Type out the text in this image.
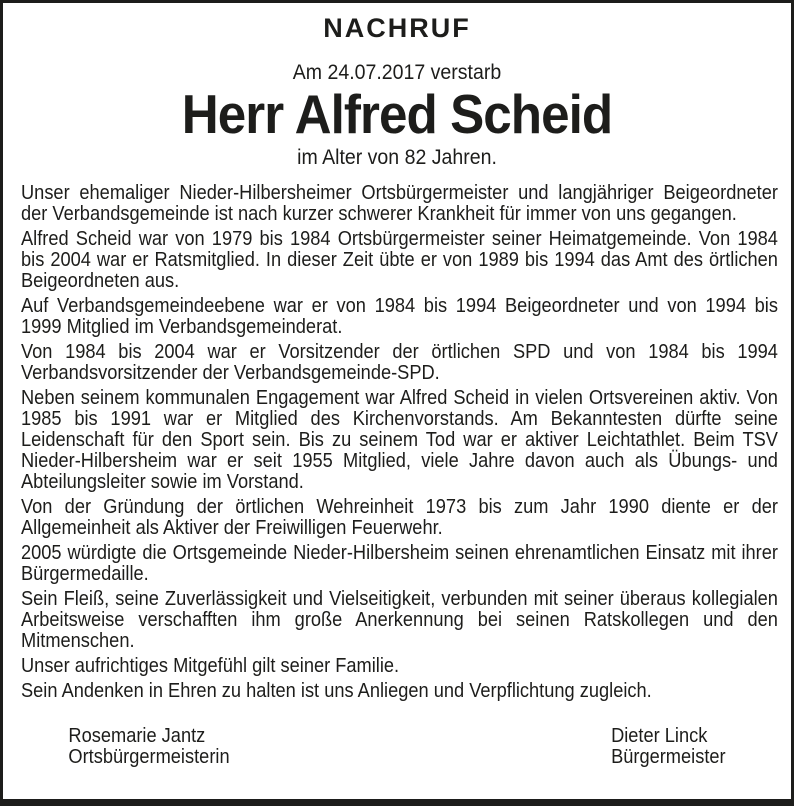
NACHRUF
Am 24.07.2017 verstarb
Herr Alfred Scheid
im Alter von 82 Jahren.

Unser ehemaliger Nieder-Hilbersheimer Ortsbürgermeister und langjähriger Beigeordneter der Verbandsgemeinde ist nach kurzer schwerer Krankheit für immer von uns gegangen.

Alfred Scheid war von 1979 bis 1984 Ortsbürgermeister seiner Heimatgemeinde. Von 1984 bis 2004 war er Ratsmitglied. In dieser Zeit übte er von 1989 bis 1994 das Amt des örtlichen Beigeordneten aus.

Auf Verbandsgemeindeebene war er von 1984 bis 1994 Beigeordneter und von 1994 bis 1999 Mitglied im Verbandsgemeinderat.

Von 1984 bis 2004 war er Vorsitzender der örtlichen SPD und von 1984 bis 1994 Verbandsvorsitzender der Verbandsgemeinde-SPD.

Neben seinem kommunalen Engagement war Alfred Scheid in vielen Ortsvereinen aktiv. Von 1985 bis 1991 war er Mitglied des Kirchenvorstands. Am Bekanntesten dürfte seine Leidenschaft für den Sport sein. Bis zu seinem Tod war er aktiver Leichtathlet. Beim TSV Nieder-Hilbersheim war er seit 1955 Mitglied, viele Jahre davon auch als Übungs- und Abteilungsleiter sowie im Vorstand.

Von der Gründung der örtlichen Wehreinheit 1973 bis zum Jahr 1990 diente er der Allgemeinheit als Aktiver der Freiwilligen Feuerwehr.

2005 würdigte die Ortsgemeinde Nieder-Hilbersheim seinen ehrenamtlichen Einsatz mit ihrer Bürgermedaille.

Sein Fleiß, seine Zuverlässigkeit und Vielseitigkeit, verbunden mit seiner überaus kollegialen Arbeitsweise verschafften ihm große Anerkennung bei seinen Ratskollegen und den Mitmenschen.

Unser aufrichtiges Mitgefühl gilt seiner Familie.

Sein Andenken in Ehren zu halten ist uns Anliegen und Verpflichtung zugleich.

Rosemarie Jantz
Ortsbürgermeisterin
Dieter Linck
Bürgermeister
